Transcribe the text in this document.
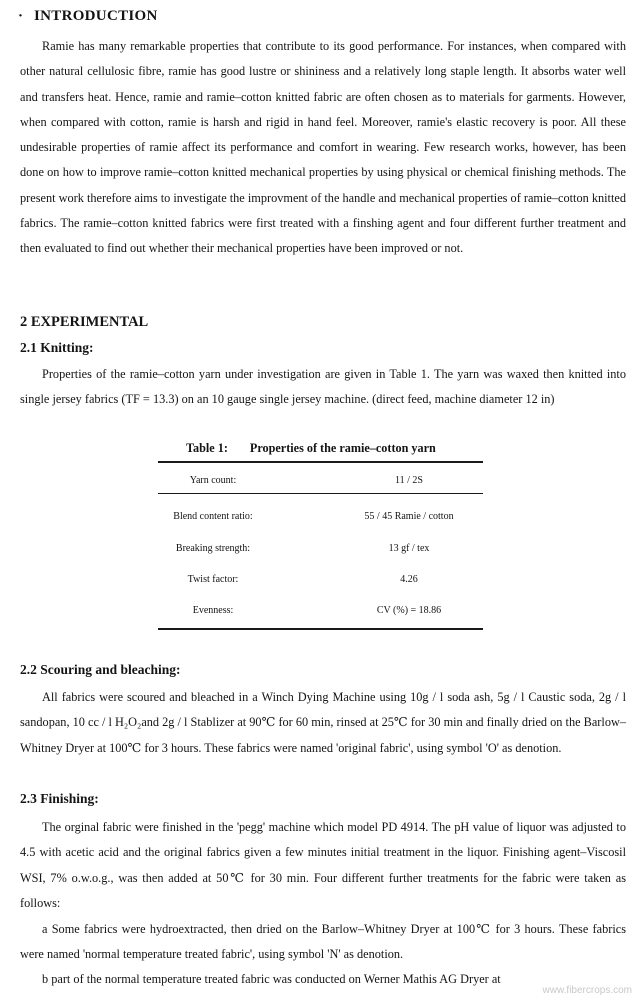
· INTRODUCTION
Ramie has many remarkable properties that contribute to its good performance. For instances, when compared with other natural cellulosic fibre, ramie has good lustre or shininess and a relatively long staple length. It absorbs water well and transfers heat. Hence, ramie and ramie–cotton knitted fabric are often chosen as to materials for garments. However, when compared with cotton, ramie is harsh and rigid in hand feel. Moreover, ramie's elastic recovery is poor. All these undesirable properties of ramie affect its performance and comfort in wearing. Few research works, however, has been done on how to improve ramie–cotton knitted mechanical properties by using physical or chemical finishing methods. The present work therefore aims to investigate the improvment of the handle and mechanical properties of ramie–cotton knitted fabrics. The ramie–cotton knitted fabrics were first treated with a finshing agent and four different further treatment and then evaluated to find out whether their mechanical properties have been improved or not.
2 EXPERIMENTAL
2.1 Knitting:
Properties of the ramie–cotton yarn under investigation are given in Table 1. The yarn was waxed then knitted into single jersey fabrics (TF = 13.3) on an 10 gauge single jersey machine. (direct feed, machine diameter 12 in)
Table 1: Properties of the ramie–cotton yarn
Yarn count:	11 / 2S
Blend content ratio:	55 / 45 Ramie / cotton
Breaking strength:	13 gf / tex
Twist factor:	4.26
Evenness:	CV (%) = 18.86
2.2 Scouring and bleaching:
All fabrics were scoured and bleached in a Winch Dying Machine using 10g / l soda ash, 5g / l Caustic soda, 2g / l sandopan, 10 cc / l H₂O₂and 2g / l Stablizer at 90℃ for 60 min, rinsed at 25℃ for 30 min and finally dried on the Barlow–Whitney Dryer at 100℃ for 3 hours. These fabrics were named 'original fabric', using symbol 'O' as denotion.
2.3 Finishing:
The orginal fabric were finished in the 'pegg' machine which model PD 4914. The pH value of liquor was adjusted to 4.5 with acetic acid and the original fabrics given a few minutes initial treatment in the liquor. Finishing agent–Viscosil WSI, 7% o.w.o.g., was then added at 50℃ for 30 min. Four different further treatments for the fabric were taken as follows:
a Some fabrics were hydroextracted, then dried on the Barlow–Whitney Dryer at 100℃ for 3 hours. These fabrics were named 'normal temperature treated fabric', using symbol 'N' as denotion.
b part of the normal temperature treated fabric was conducted on Werner Mathis AG Dryer at
www.fibercrops.com
